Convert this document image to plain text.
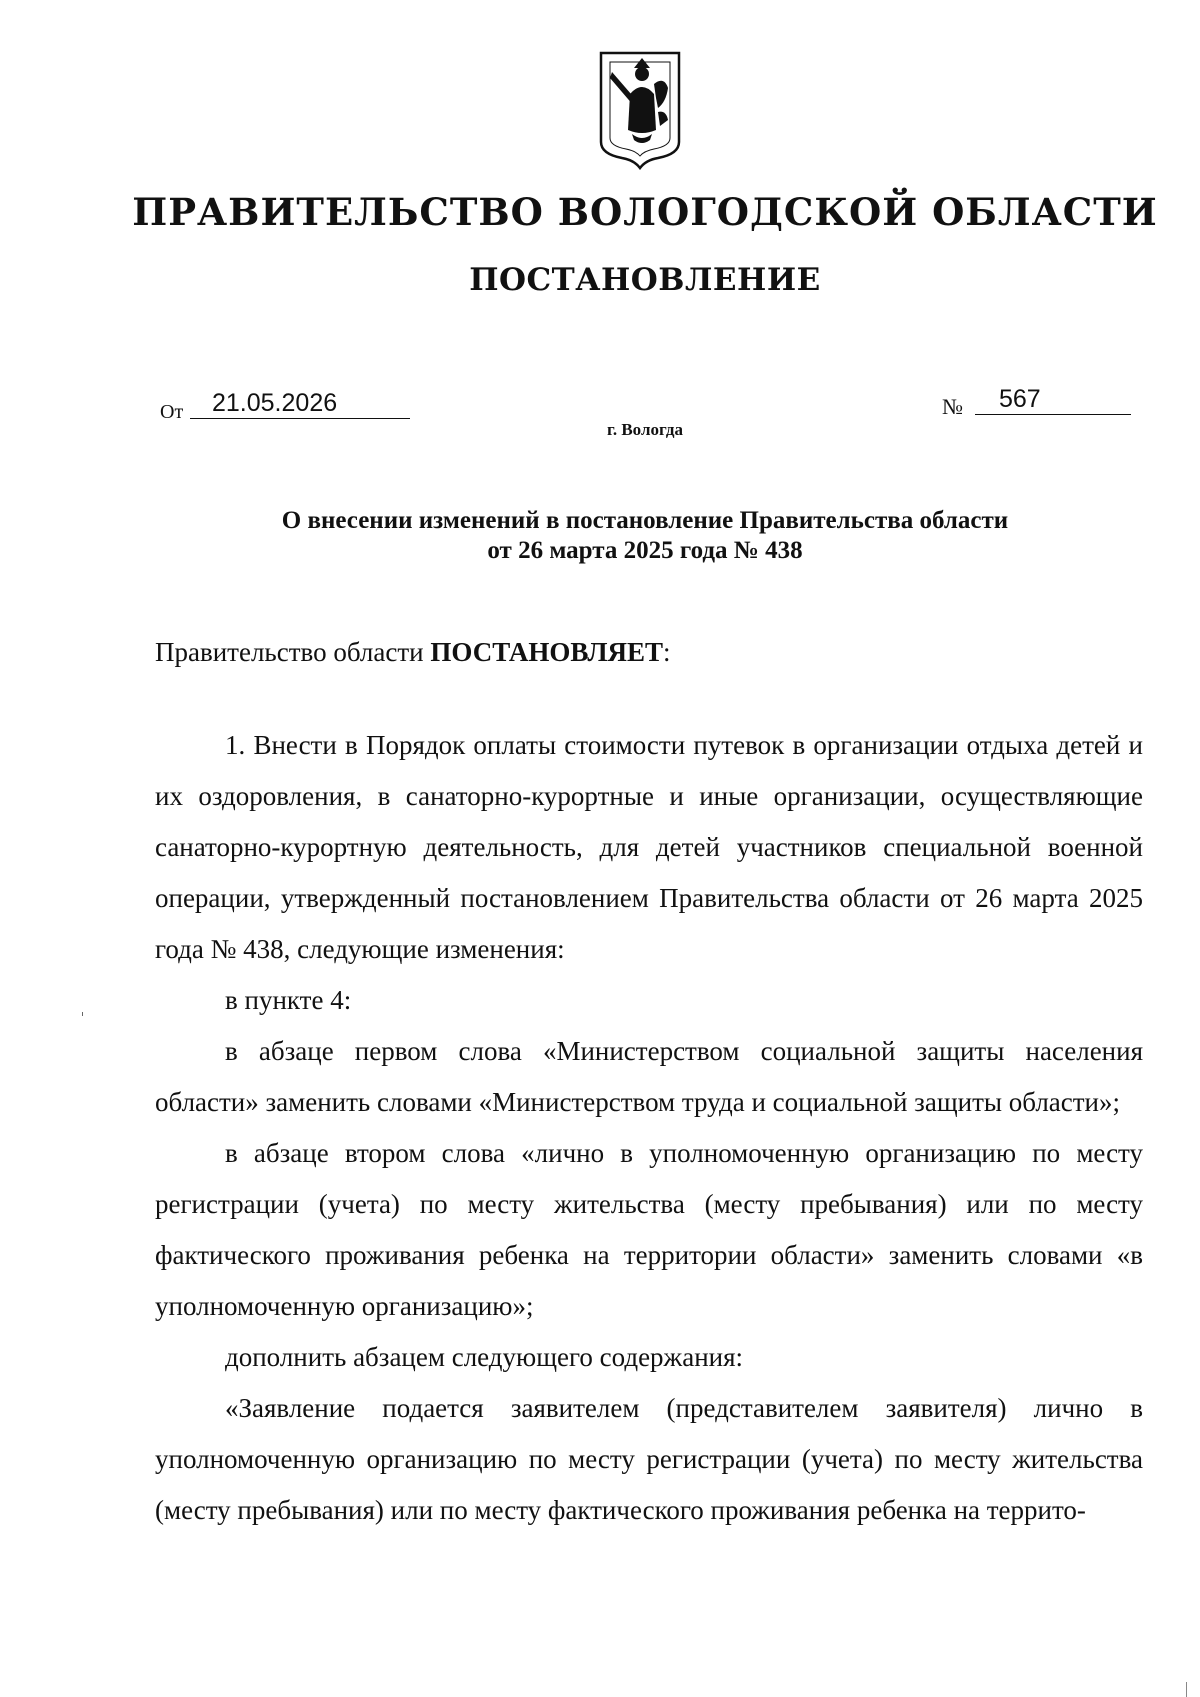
ПРАВИТЕЛЬСТВО ВОЛОГОДСКОЙ ОБЛАСТИ
ПОСТАНОВЛЕНИЕ
От	21.05.2026	№	567
г. Вологда
О внесении изменений в постановление Правительства области
от 26 марта 2025 года № 438
Правительство области ПОСТАНОВЛЯЕТ:

1. Внести в Порядок оплаты стоимости путевок в организации отдыха детей и их оздоровления, в санаторно-курортные и иные организации, осуществляющие санаторно-курортную деятельность, для детей участников специальной военной операции, утвержденный постановлением Правительства области от 26 марта 2025 года № 438, следующие изменения:

в пункте 4:

в абзаце первом слова «Министерством социальной защиты населения области» заменить словами «Министерством труда и социальной защиты области»;

в абзаце втором слова «лично в уполномоченную организацию по месту регистрации (учета) по месту жительства (месту пребывания) или по месту фактического проживания ребенка на территории области» заменить словами «в уполномоченную организацию»;

дополнить абзацем следующего содержания:

«Заявление подается заявителем (представителем заявителя) лично в уполномоченную организацию по месту регистрации (учета) по месту жительства (месту пребывания) или по месту фактического проживания ребенка на террито-
